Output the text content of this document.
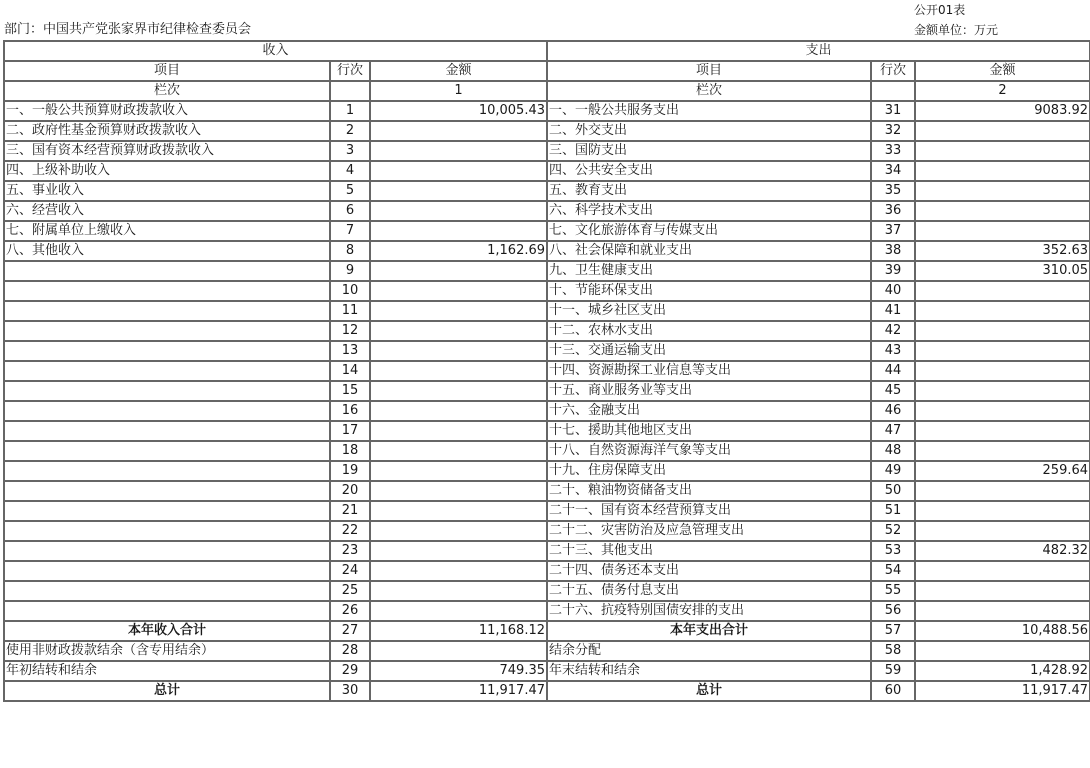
公开01表
金额单位：万元
部门：中国共产党张家界市纪律检查委员会
收入			支出		
项目	行次	金额	项目	行次	金额
栏次		1	栏次		2
一、一般公共预算财政拨款收入	1	10,005.43	一、一般公共服务支出	31	9083.92
二、政府性基金预算财政拨款收入	2		二、外交支出	32	
三、国有资本经营预算财政拨款收入	3		三、国防支出	33	
四、上级补助收入	4		四、公共安全支出	34	
五、事业收入	5		五、教育支出	35	
六、经营收入	6		六、科学技术支出	36	
七、附属单位上缴收入	7		七、文化旅游体育与传媒支出	37	
八、其他收入	8	1,162.69	八、社会保障和就业支出	38	352.63
	9		九、卫生健康支出	39	310.05
	10		十、节能环保支出	40	
	11		十一、城乡社区支出	41	
	12		十二、农林水支出	42	
	13		十三、交通运输支出	43	
	14		十四、资源勘探工业信息等支出	44	
	15		十五、商业服务业等支出	45	
	16		十六、金融支出	46	
	17		十七、援助其他地区支出	47	
	18		十八、自然资源海洋气象等支出	48	
	19		十九、住房保障支出	49	259.64
	20		二十、粮油物资储备支出	50	
	21		二十一、国有资本经营预算支出	51	
	22		二十二、灾害防治及应急管理支出	52	
	23		二十三、其他支出	53	482.32
	24		二十四、债务还本支出	54	
	25		二十五、债务付息支出	55	
	26		二十六、抗疫特别国债安排的支出	56	
本年收入合计	27	11,168.12	本年支出合计	57	10,488.56
使用非财政拨款结余（含专用结余）	28		结余分配	58	
年初结转和结余	29	749.35	年末结转和结余	59	1,428.92
总计	30	11,917.47	总计	60	11,917.47
